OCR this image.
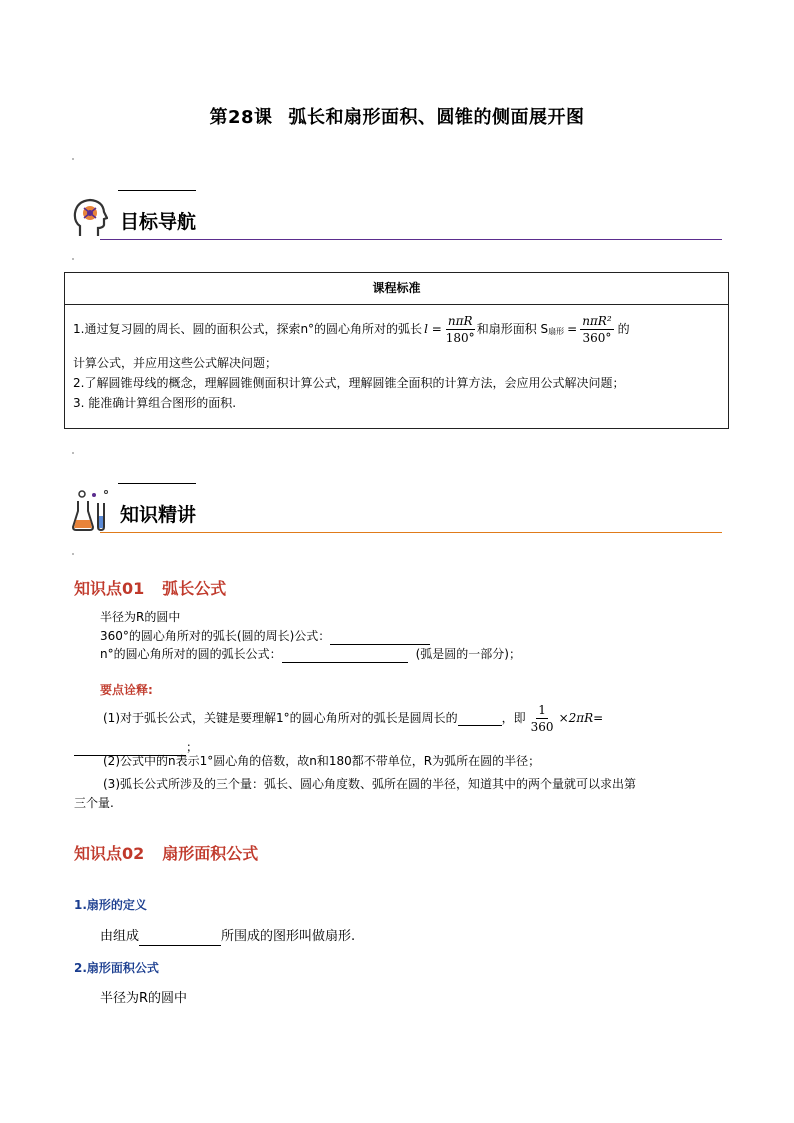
第28课 弧长和扇形面积、圆锥的侧面展开图
目标导航
课程标准
1.通过复习圆的周长、圆的面积公式，探索n°的圆心角所对的弧长 $l = \frac{\text{nπR}}{180^\circ}$ 和扇形面积 S 扇形 = $\frac{\text{nπR²}}{360^\circ}$ 的
计算公式，并应用这些公式解决问题；
2.了解圆锥母线的概念，理解圆锥侧面积计算公式，理解圆锥全面积的计算方法，会应用公式解决问题；
3. 能准确计算组合图形的面积.
知识精讲
知识点01 弧长公式
半径为R的圆中
360°的圆心角所对的弧长(圆的周长)公式：
n°的圆心角所对的圆的弧长公式：	(弧是圆的一部分)；
要点诠释:
(1)对于弧长公式，关键是要理解1°的圆心角所对的弧长是圆周长的	，即 $\frac{1}{360} \times 2\pi R=$
；
(2)公式中的n表示1°圆心角的倍数，故n和180都不带单位，R为弧所在圆的半径；
(3)弧长公式所涉及的三个量：弧长、圆心角度数、弧所在圆的半径，知道其中的两个量就可以求出第
三个量.
知识点02 扇形面积公式
1.扇形的定义
由组成	所围成的图形叫做扇形.
2.扇形面积公式
半径为R的圆中
